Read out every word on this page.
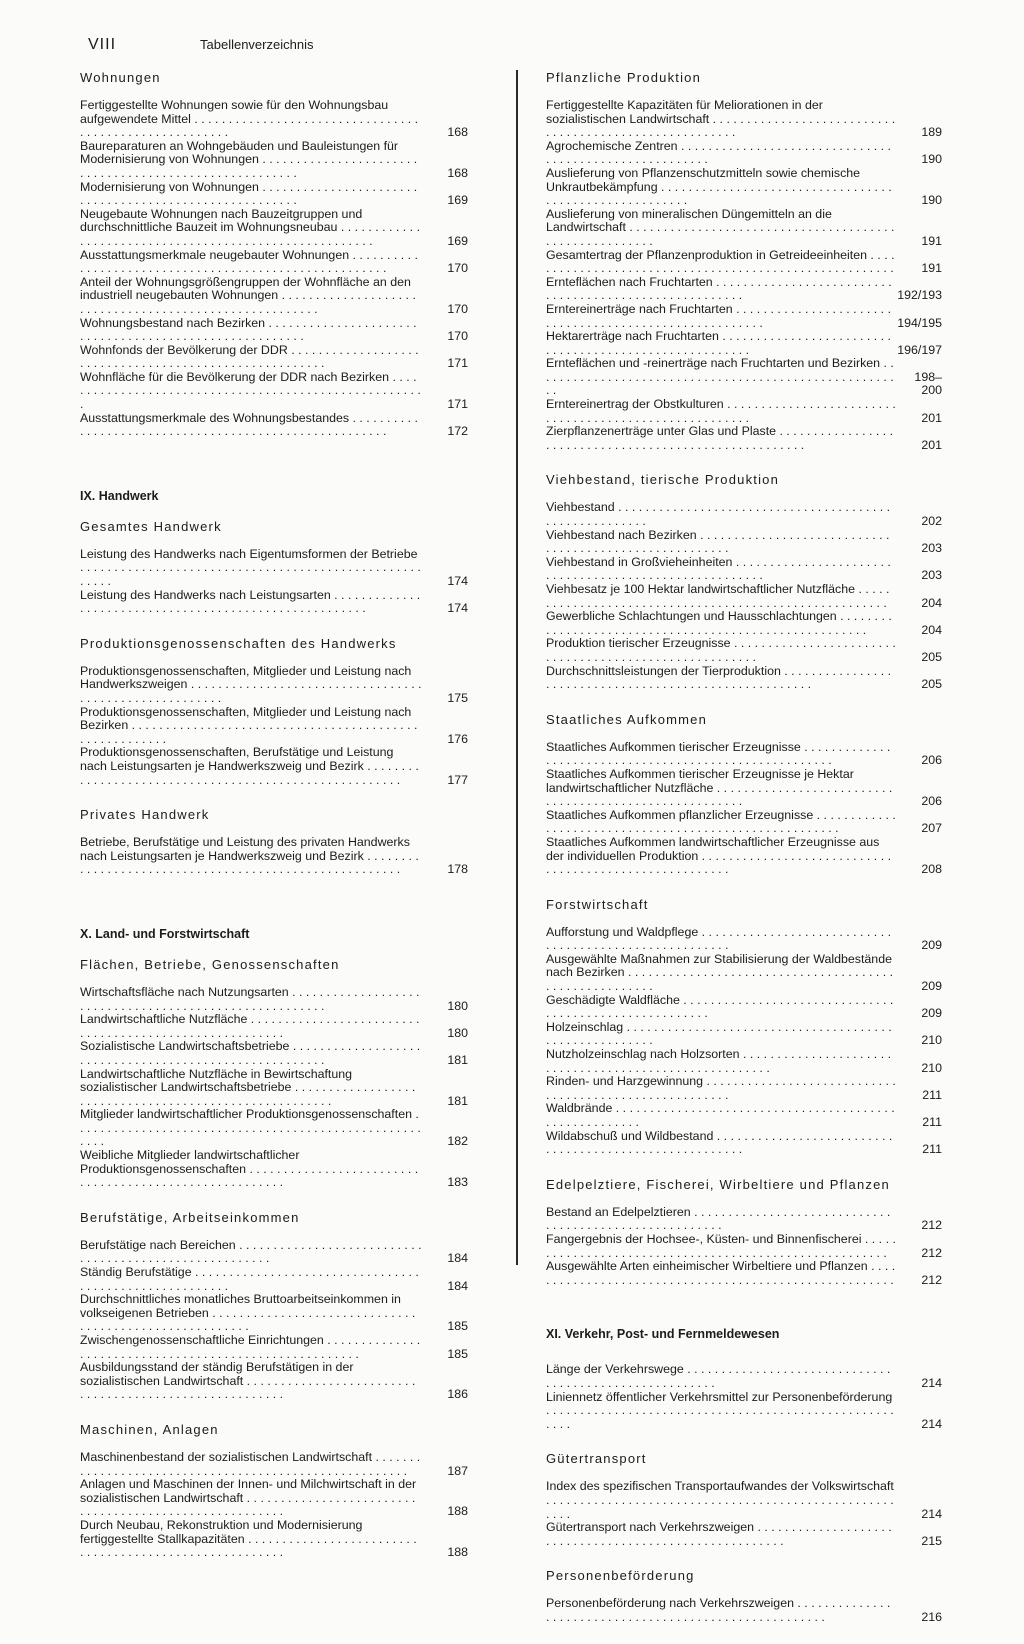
VIII	Tabellenverzeichnis
Wohnungen
Fertiggestellte Wohnungen sowie für den Wohnungsbau aufgewendete Mittel . . .
168
Baureparaturen an Wohngebäuden und Bauleistungen für Modernisierung von Wohnungen . . .
168
Modernisierung von Wohnungen . . .
169
Neugebaute Wohnungen nach Bauzeitgruppen und durchschnittliche Bauzeit im Wohnungsneubau . . .
169
Ausstattungsmerkmale neugebauter Wohnungen . . .
170
Anteil der Wohnungsgrößengruppen der Wohnfläche an den industriell neugebauten Wohnungen . . .
170
Wohnungsbestand nach Bezirken . . .
170
Wohnfonds der Bevölkerung der DDR . . .
171
Wohnfläche für die Bevölkerung der DDR nach Bezirken . . .
171
Ausstattungsmerkmale des Wohnungsbestandes . . .
172
IX. Handwerk
Gesamtes Handwerk
Leistung des Handwerks nach Eigentumsformen der Betriebe . . .
174
Leistung des Handwerks nach Leistungsarten . . .
174
Produktionsgenossenschaften des Handwerks
Produktionsgenossenschaften, Mitglieder und Leistung nach Handwerkszweigen . . .
175
Produktionsgenossenschaften, Mitglieder und Leistung nach Bezirken . . .
176
Produktionsgenossenschaften, Berufstätige und Leistung nach Leistungsarten je Handwerkszweig und Bezirk . . .
177
Privates Handwerk
Betriebe, Berufstätige und Leistung des privaten Handwerks nach Leistungsarten je Handwerkszweig und Bezirk . . .
178
X. Land- und Forstwirtschaft
Flächen, Betriebe, Genossenschaften
Wirtschaftsfläche nach Nutzungsarten . . .
180
Landwirtschaftliche Nutzfläche . . .
180
Sozialistische Landwirtschaftsbetriebe . . .
181
Landwirtschaftliche Nutzfläche in Bewirtschaftung sozialistischer Landwirtschaftsbetriebe . . .
181
Mitglieder landwirtschaftlicher Produktionsgenossenschaften . . .
182
Weibliche Mitglieder landwirtschaftlicher Produktionsgenossenschaften . . .
183
Berufstätige, Arbeitseinkommen
Berufstätige nach Bereichen . . .
184
Ständig Berufstätige . . .
184
Durchschnittliches monatliches Bruttoarbeitseinkommen in volkseigenen Betrieben . . .
185
Zwischengenossenschaftliche Einrichtungen . . .
185
Ausbildungsstand der ständig Berufstätigen in der sozialistischen Landwirtschaft . . .
186
Maschinen, Anlagen
Maschinenbestand der sozialistischen Landwirtschaft . . .
187
Anlagen und Maschinen der Innen- und Milchwirtschaft in der sozialistischen Landwirtschaft . . .
188
Durch Neubau, Rekonstruktion und Modernisierung fertiggestellte Stallkapazitäten . . .
188
Pflanzliche Produktion
Fertiggestellte Kapazitäten für Meliorationen in der sozialistischen Landwirtschaft . . .
189
Agrochemische Zentren . . .
190
Auslieferung von Pflanzenschutzmitteln sowie chemische Unkrautbekämpfung . . .
190
Auslieferung von mineralischen Düngemitteln an die Landwirtschaft . . .
191
Gesamtertrag der Pflanzenproduktion in Getreideeinheiten . . .
191
Ernteflächen nach Fruchtarten . . .
192/193
Erntereinerträge nach Fruchtarten . . .
194/195
Hektarerträge nach Fruchtarten . . .
196/197
Ernteflächen und -reinerträge nach Fruchtarten und Bezirken . . .
198–200
Erntereinertrag der Obstkulturen . . .
201
Zierpflanzenerträge unter Glas und Plaste . . .
201
Viehbestand, tierische Produktion
Viehbestand . . .
202
Viehbestand nach Bezirken . . .
203
Viehbestand in Großvieheinheiten . . .
203
Viehbesatz je 100 Hektar landwirtschaftlicher Nutzfläche . . .
204
Gewerbliche Schlachtungen und Hausschlachtungen . . .
204
Produktion tierischer Erzeugnisse . . .
205
Durchschnittsleistungen der Tierproduktion . . .
205
Staatliches Aufkommen
Staatliches Aufkommen tierischer Erzeugnisse . . .
206
Staatliches Aufkommen tierischer Erzeugnisse je Hektar landwirtschaftlicher Nutzfläche . . .
206
Staatliches Aufkommen pflanzlicher Erzeugnisse . . .
207
Staatliches Aufkommen landwirtschaftlicher Erzeugnisse aus der individuellen Produktion . . .
208
Forstwirtschaft
Aufforstung und Waldpflege . . .
209
Ausgewählte Maßnahmen zur Stabilisierung der Waldbestände nach Bezirken . . .
209
Geschädigte Waldfläche . . .
209
Holzeinschlag . . .
210
Nutzholzeinschlag nach Holzsorten . . .
210
Rinden- und Harzgewinnung . . .
211
Waldbrände . . .
211
Wildabschuß und Wildbestand . . .
211
Edelpelztiere, Fischerei, Wirbeltiere und Pflanzen
Bestand an Edelpelztieren . . .
212
Fangergebnis der Hochsee-, Küsten- und Binnenfischerei . . .
212
Ausgewählte Arten einheimischer Wirbeltiere und Pflanzen . . .
212
XI. Verkehr, Post- und Fernmeldewesen
Länge der Verkehrswege . . .
214
Liniennetz öffentlicher Verkehrsmittel zur Personenbeförderung . . .
214
Gütertransport
Index des spezifischen Transportaufwandes der Volkswirtschaft . . .
214
Gütertransport nach Verkehrszweigen . . .
215
Personenbeförderung
Personenbeförderung nach Verkehrszweigen . . .
216
